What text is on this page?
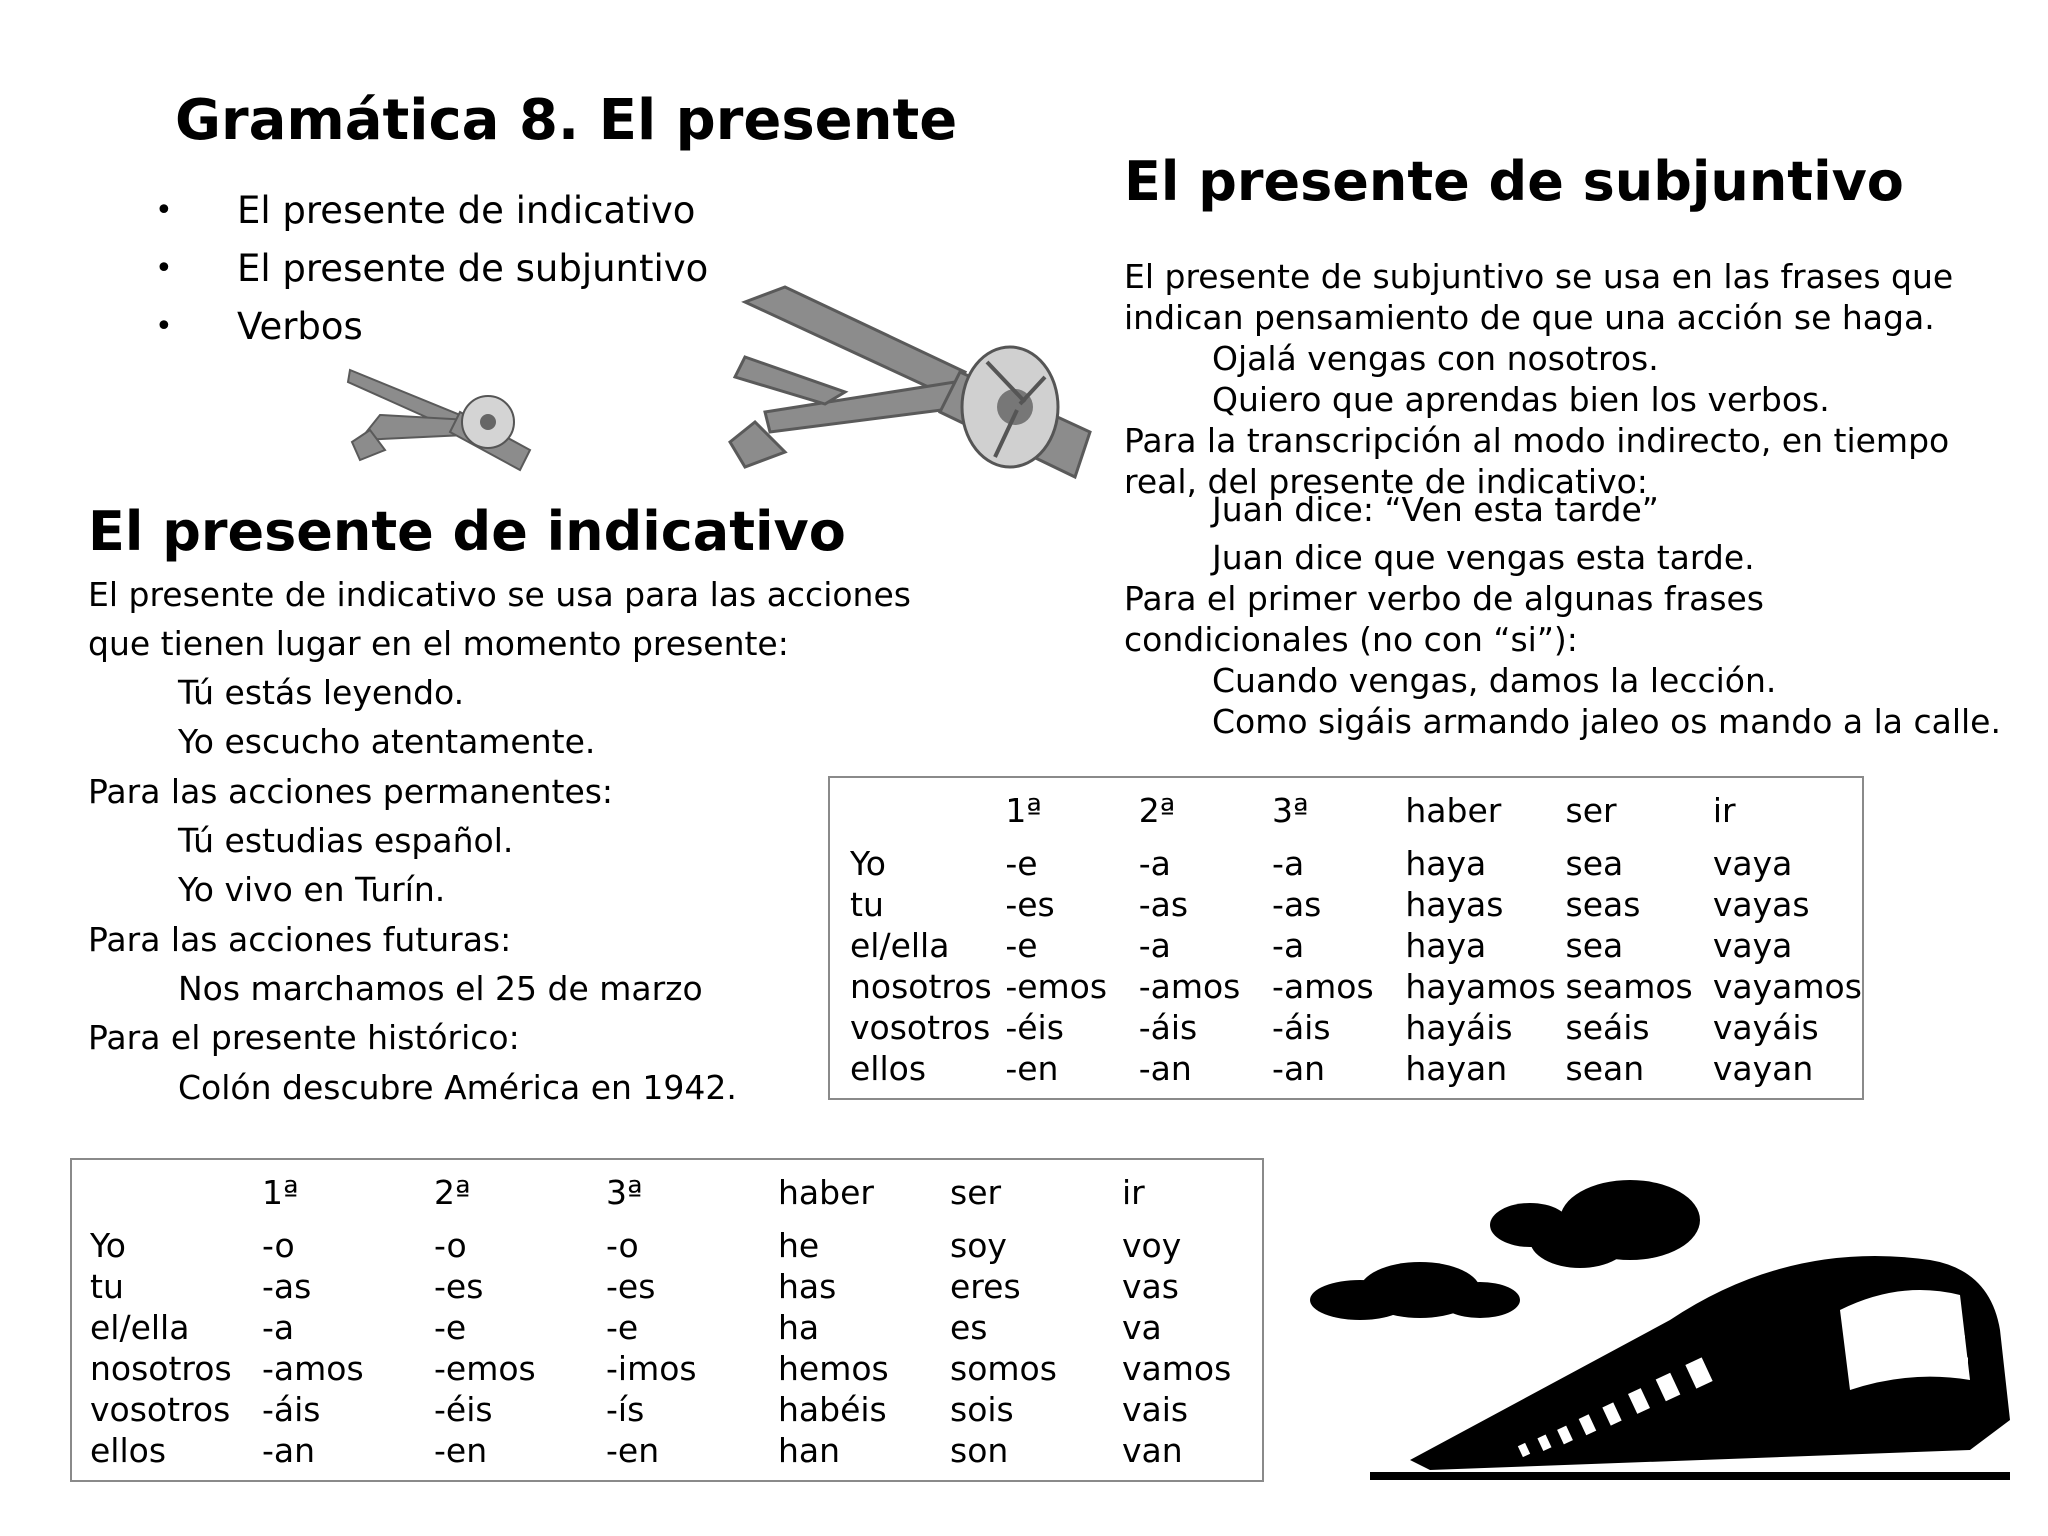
Gramática 8. El presente
• El presente de indicativo
• El presente de subjuntivo
• Verbos
El presente de indicativo
El presente de indicativo se usa para las acciones
que tienen lugar en el momento presente:
Tú estás leyendo.
Yo escucho atentamente.
Para las acciones permanentes:
Tú estudias español.
Yo vivo en Turín.
Para las acciones futuras:
Nos marchamos el 25 de marzo
Para el presente histórico:
Colón descubre América en 1942.
El presente de subjuntivo
El presente de subjuntivo se usa en las frases que
indican pensamiento de que una acción se haga.
Ojalá vengas con nosotros.
Quiero que aprendas bien los verbos.
Para la transcripción al modo indirecto, en tiempo
real, del presente de indicativo:
Juan dice: “Ven esta tarde”
Juan dice que vengas esta tarde.
Para el primer verbo de algunas frases
condicionales (no con “si”):
Cuando vengas, damos la lección.
Como sigáis armando jaleo os mando a la calle.
	1ª	2ª	3ª	haber	ser	ir
Yo	-e	-a	-a	haya	sea	vaya
tu	-es	-as	-as	hayas	seas	vayas
el/ella	-e	-a	-a	haya	sea	vaya
nosotros	-emos	-amos	-amos	hayamos	seamos	vayamos
vosotros	-éis	-áis	-áis	hayáis	seáis	vayáis
ellos	-en	-an	-an	hayan	sean	vayan
	1ª	2ª	3ª	haber	ser	ir
Yo	-o	-o	-o	he	soy	voy
tu	-as	-es	-es	has	eres	vas
el/ella	-a	-e	-e	ha	es	va
nosotros	-amos	-emos	-imos	hemos	somos	vamos
vosotros	-áis	-éis	-ís	habéis	sois	vais
ellos	-an	-en	-en	han	son	van
